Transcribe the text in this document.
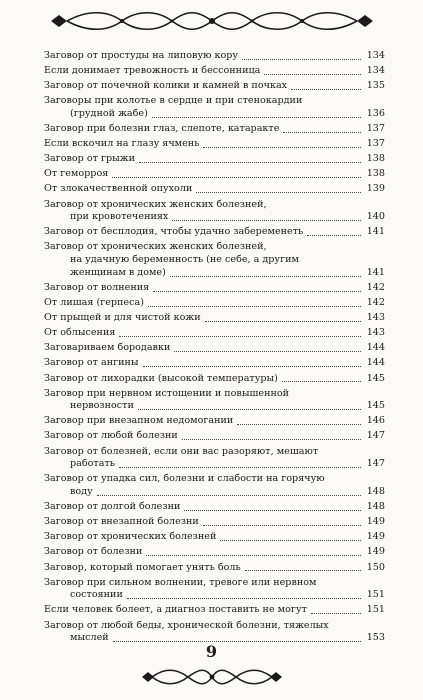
Заговор от простуды на липовую кору	134
Если донимает тревожность и бессонница	134
Заговор от почечной колики и камней в почках	135
Заговоры при колотье в сердце и при стенокардии
(грудной жабе)	136
Заговор при болезни глаз, слепоте, катаракте	137
Если вскочил на глазу ячмень	137
Заговор от грыжи	138
От геморроя	138
От злокачественной опухоли	139
Заговор от хронических женских болезней,
при кровотечениях	140
Заговор от бесплодия, чтобы удачно забеременеть	141
Заговор от хронических женских болезней,
на удачную беременность (не себе, а другим
женщинам в доме)	141
Заговор от волнения	142
От лишая (герпеса)	142
От прыщей и для чистой кожи	143
От облысения	143
Заговариваем бородавки	144
Заговор от ангины	144
Заговор от лихорадки (высокой температуры)	145
Заговор при нервном истощении и повышенной
нервозности	145
Заговор при внезапном недомогании	146
Заговор от любой болезни	147
Заговор от болезней, если они вас разоряют, мешают
работать	147
Заговор от упадка сил, болезни и слабости на горячую
воду	148
Заговор от долгой болезни	148
Заговор от внезапной болезни	149
Заговор от хронических болезней	149
Заговор от болезни	149
Заговор, который помогает унять боль	150
Заговор при сильном волнении, тревоге или нервном
состоянии	151
Если человек болеет, а диагноз поставить не могут	151
Заговор от любой беды, хронической болезни, тяжелых
мыслей	153
9
